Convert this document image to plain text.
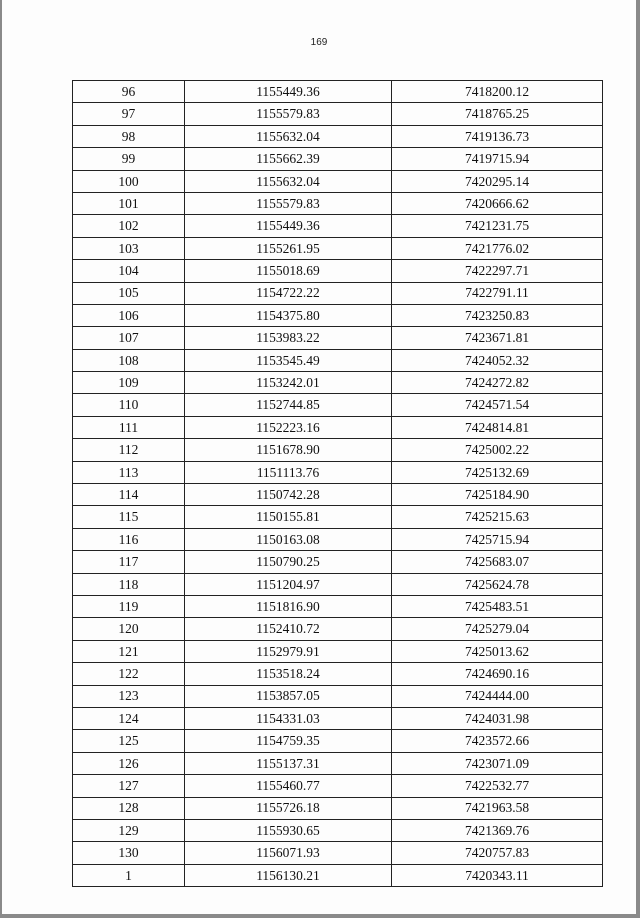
169
96	1155449.36	7418200.12
97	1155579.83	7418765.25
98	1155632.04	7419136.73
99	1155662.39	7419715.94
100	1155632.04	7420295.14
101	1155579.83	7420666.62
102	1155449.36	7421231.75
103	1155261.95	7421776.02
104	1155018.69	7422297.71
105	1154722.22	7422791.11
106	1154375.80	7423250.83
107	1153983.22	7423671.81
108	1153545.49	7424052.32
109	1153242.01	7424272.82
110	1152744.85	7424571.54
111	1152223.16	7424814.81
112	1151678.90	7425002.22
113	1151113.76	7425132.69
114	1150742.28	7425184.90
115	1150155.81	7425215.63
116	1150163.08	7425715.94
117	1150790.25	7425683.07
118	1151204.97	7425624.78
119	1151816.90	7425483.51
120	1152410.72	7425279.04
121	1152979.91	7425013.62
122	1153518.24	7424690.16
123	1153857.05	7424444.00
124	1154331.03	7424031.98
125	1154759.35	7423572.66
126	1155137.31	7423071.09
127	1155460.77	7422532.77
128	1155726.18	7421963.58
129	1155930.65	7421369.76
130	1156071.93	7420757.83
1	1156130.21	7420343.11
